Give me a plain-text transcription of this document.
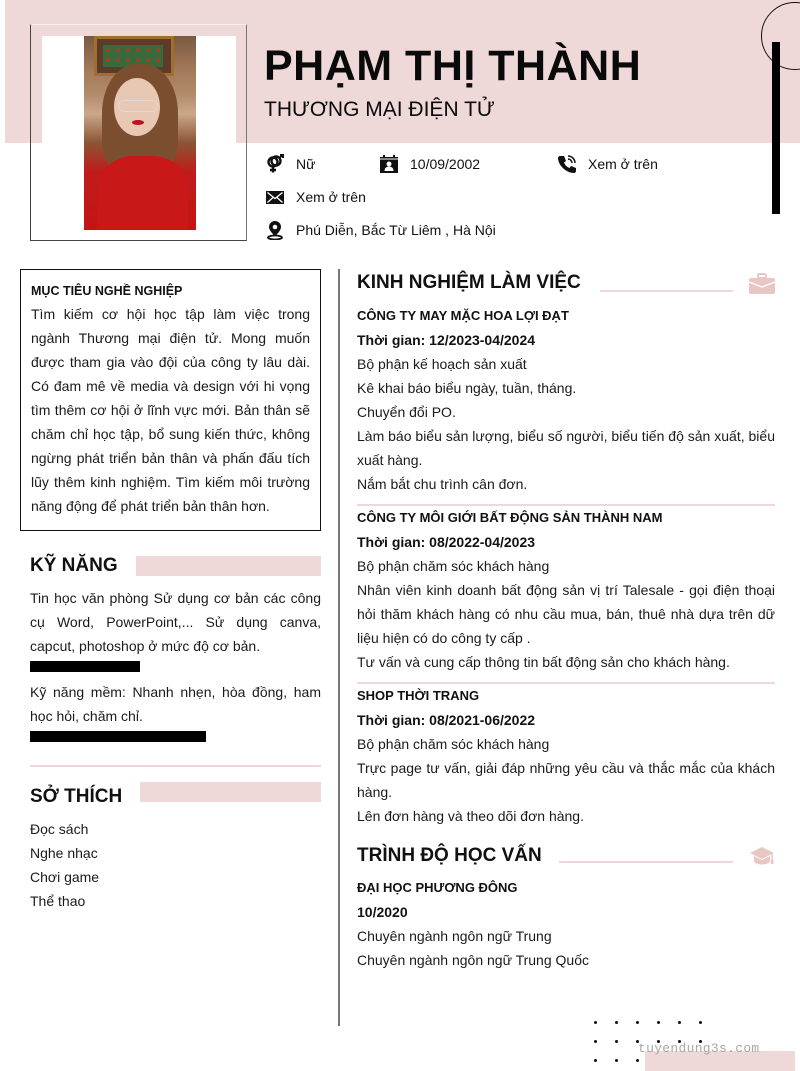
PHẠM THỊ THÀNH
THƯƠNG MẠI ĐIỆN TỬ
Nữ	10/09/2002	Xem ở trên
Xem ở trên
Phú Diễn, Bắc Từ Liêm , Hà Nội
MỤC TIÊU NGHỀ NGHIỆP
Tìm kiếm cơ hội học tập làm việc trong ngành Thương mại điện tử. Mong muốn được tham gia vào đội của công ty lâu dài. Có đam mê về media và design với hi vọng tìm thêm cơ hội ở lĩnh vực mới. Bản thân sẽ chăm chỉ học tập, bổ sung kiến thức, không ngừng phát triển bản thân và phấn đấu tích lũy thêm kinh nghiệm. Tìm kiếm môi trường năng động để phát triển bản thân hơn.
KỸ NĂNG
Tin học văn phòng Sử dụng cơ bản các công cụ Word, PowerPoint,... Sử dụng canva, capcut, photoshop ở mức độ cơ bản.
Kỹ năng mềm: Nhanh nhẹn, hòa đồng, ham học hỏi, chăm chỉ.
SỞ THÍCH
Đọc sách
Nghe nhạc
Chơi game
Thể thao
KINH NGHIỆM LÀM VIỆC
CÔNG TY MAY MẶC HOA LỢI ĐẠT
Thời gian: 12/2023-04/2024
Bộ phận kế hoạch sản xuất
Kê khai báo biểu ngày, tuần, tháng.
Chuyển đổi PO.
Làm báo biểu sản lượng, biểu số người, biểu tiến độ sản xuất, biểu xuất hàng.
Nắm bắt chu trình cân đơn.
CÔNG TY MÔI GIỚI BẤT ĐỘNG SẢN THÀNH NAM
Thời gian: 08/2022-04/2023
Bộ phận chăm sóc khách hàng
Nhân viên kinh doanh bất động sản vị trí Talesale - gọi điện thoại hỏi thăm khách hàng có nhu cầu mua, bán, thuê nhà dựa trên dữ liệu hiện có do công ty cấp .
Tư vấn và cung cấp thông tin bất động sản cho khách hàng.
SHOP THỜI TRANG
Thời gian: 08/2021-06/2022
Bộ phận chăm sóc khách hàng
Trực page tư vấn, giải đáp những yêu cầu và thắc mắc của khách hàng.
Lên đơn hàng và theo dõi đơn hàng.
TRÌNH ĐỘ HỌC VẤN
ĐẠI HỌC PHƯƠNG ĐÔNG
10/2020
Chuyên ngành ngôn ngữ Trung
Chuyên ngành ngôn ngữ Trung Quốc
tuyendung3s.com
